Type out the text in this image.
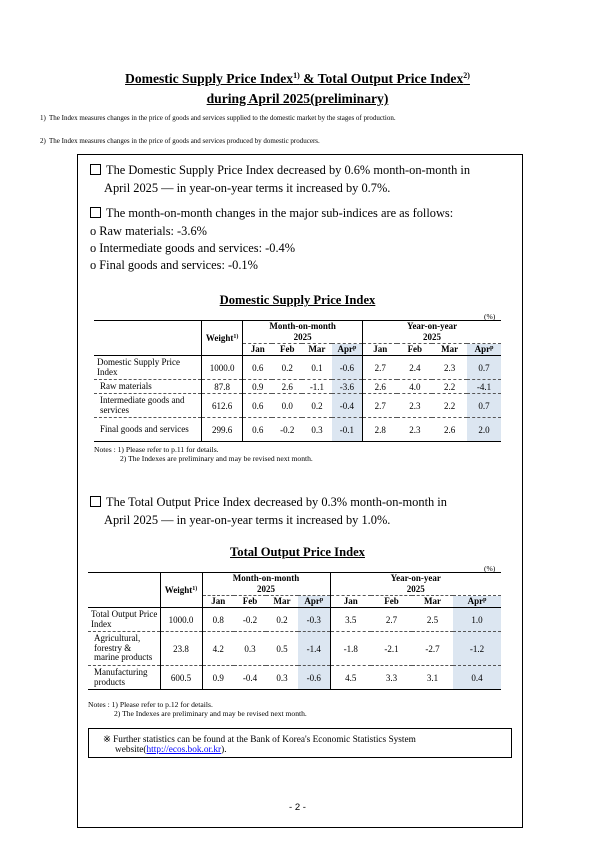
Domestic Supply Price Index$^{1)}$ & Total Output Price Index$^{2)}$
during April 2025(preliminary)
1) The Index measures changes in the price of goods and services supplied to the domestic market by the stages of production.
2) The Index measures changes in the price of goods and services produced by domestic producers.
The Domestic Supply Price Index decreased by 0.6% month-on-month in
April 2025 ― in year-on-year terms it increased by 0.7%.
The month-on-month changes in the major sub-indices are as follows:
o Raw materials: -3.6%
o Intermediate goods and services: -0.4%
o Final goods and services: -0.1%
Domestic Supply Price Index
(%)
	Weight$^{1)}$	Month-on-month				Year-on-year			
		2025				2025			
		Jan	Feb	Mar	Apr$^p$	Jan	Feb	Mar	Apr$^p$
Domestic Supply Price Index	1000.0	0.6	0.2	0.1	-0.6	2.7	2.4	2.3	0.7
Raw materials	87.8	0.9	2.6	-1.1	-3.6	2.6	4.0	2.2	-4.1
Intermediate goods and services	612.6	0.6	0.0	0.2	-0.4	2.7	2.3	2.2	0.7
Final goods and services	299.6	0.6	-0.2	0.3	-0.1	2.8	2.3	2.6	2.0
Notes : 1) Please refer to p.11 for details.
2) The Indexes are preliminary and may be revised next month.
The Total Output Price Index decreased by 0.3% month-on-month in
April 2025 ― in year-on-year terms it increased by 1.0%.
Total Output Price Index
(%)
	Weight$^{1)}$	Month-on-month				Year-on-year			
		2025				2025			
		Jan	Feb	Mar	Apr$^p$	Jan	Feb	Mar	Apr$^p$
Total Output Price Index	1000.0	0.8	-0.2	0.2	-0.3	3.5	2.7	2.5	1.0
Agricultural, forestry & marine products	23.8	4.2	0.3	0.5	-1.4	-1.8	-2.1	-2.7	-1.2
Manufacturing products	600.5	0.9	-0.4	0.3	-0.6	4.5	3.3	3.1	0.4
Notes : 1) Please refer to p.12 for details.
2) The Indexes are preliminary and may be revised next month.
※ Further statistics can be found at the Bank of Korea's Economic Statistics System
website(http://ecos.bok.or.kr).
- 2 -
